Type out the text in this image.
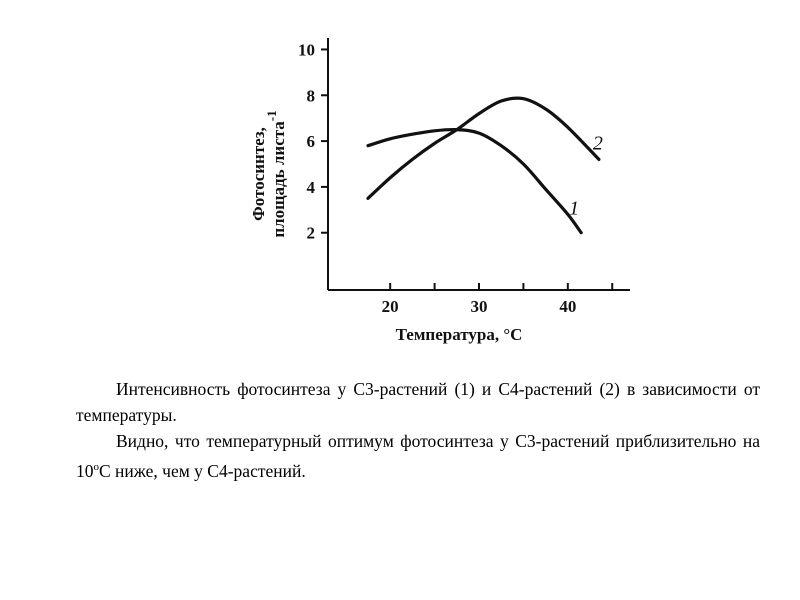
2
4
6
8
10
20	30	40
1
2
Температура, °С
Фотосинтез, площадь листа$^{-1}$

Интенсивность фотосинтеза у С3-растений (1) и С4-растений (2) в зависимости от температуры.

Видно, что температурный оптимум фотосинтеза у С3-растений приблизительно на $10^оС$ ниже, чем у С4-растений.
